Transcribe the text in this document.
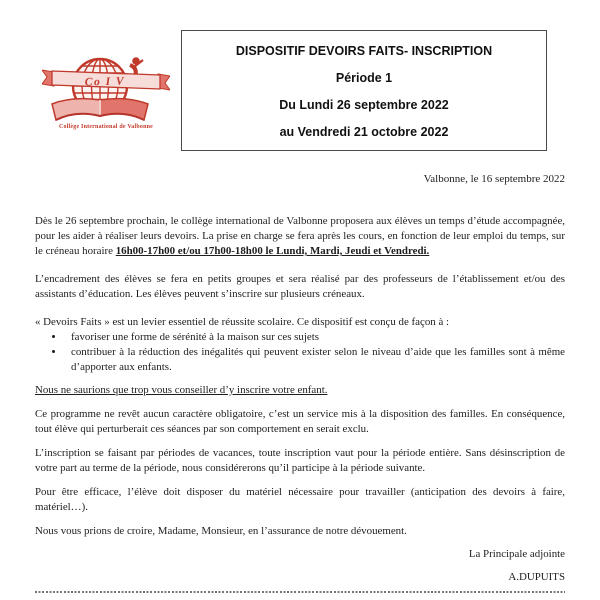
Co I V
Collège International de Valbonne
DISPOSITIF DEVOIRS FAITS- INSCRIPTION
Période 1
Du Lundi 26 septembre 2022
au Vendredi 21 octobre 2022
Valbonne, le 16 septembre 2022

Dès le 26 septembre prochain, le collège international de Valbonne proposera aux élèves un temps d’étude accompagnée, pour les aider à réaliser leurs devoirs. La prise en charge se fera après les cours, en fonction de leur emploi du temps, sur le créneau horaire 16h00-17h00 et/ou 17h00-18h00 le Lundi, Mardi, Jeudi et Vendredi.

L’encadrement des élèves se fera en petits groupes et sera réalisé par des professeurs de l’établissement et/ou des assistants d’éducation. Les élèves peuvent s’inscrire sur plusieurs créneaux.

« Devoirs Faits » est un levier essentiel de réussite scolaire. Ce dispositif est conçu de façon à :

• favoriser une forme de sérénité à la maison sur ces sujets
• contribuer à la réduction des inégalités qui peuvent exister selon le niveau d’aide que les familles sont à même d’apporter aux enfants.

Nous ne saurions que trop vous conseiller d’y inscrire votre enfant.

Ce programme ne revêt aucun caractère obligatoire, c’est un service mis à la disposition des familles. En conséquence, tout élève qui perturberait ces séances par son comportement en serait exclu.

L’inscription se faisant par périodes de vacances, toute inscription vaut pour la période entière. Sans désinscription de votre part au terme de la période, nous considérerons qu’il participe à la période suivante.

Pour être efficace, l’élève doit disposer du matériel nécessaire pour travailler (anticipation des devoirs à faire, matériel…).

Nous vous prions de croire, Madame, Monsieur, en l’assurance de notre dévouement.

La Principale adjointe

A.DUPUITS
